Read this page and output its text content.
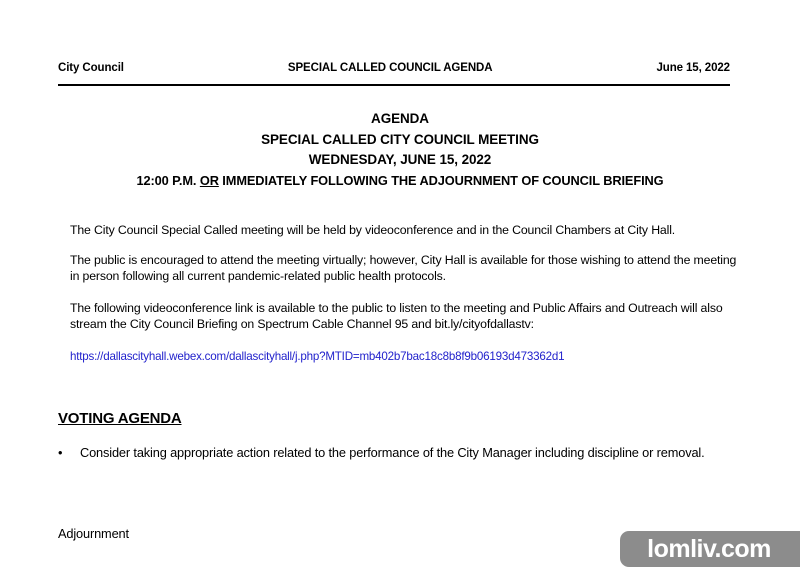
City Council	SPECIAL CALLED COUNCIL AGENDA	June 15, 2022
AGENDA
SPECIAL CALLED CITY COUNCIL MEETING
WEDNESDAY, JUNE 15, 2022
12:00 P.M. OR IMMEDIATELY FOLLOWING THE ADJOURNMENT OF COUNCIL BRIEFING

The City Council Special Called meeting will be held by videoconference and in the Council Chambers at City Hall.

The public is encouraged to attend the meeting virtually; however, City Hall is available for those wishing to attend the meeting in person following all current pandemic-related public health protocols.

The following videoconference link is available to the public to listen to the meeting and Public Affairs and Outreach will also stream the City Council Briefing on Spectrum Cable Channel 95 and bit.ly/cityofdallastv:

https://dallascityhall.webex.com/dallascityhall/j.php?MTID=mb402b7bac18c8b8f9b06193d473362d1
VOTING AGENDA
•	Consider taking appropriate action related to the performance of the City Manager including discipline or removal.
Adjournment
lomliv.com
